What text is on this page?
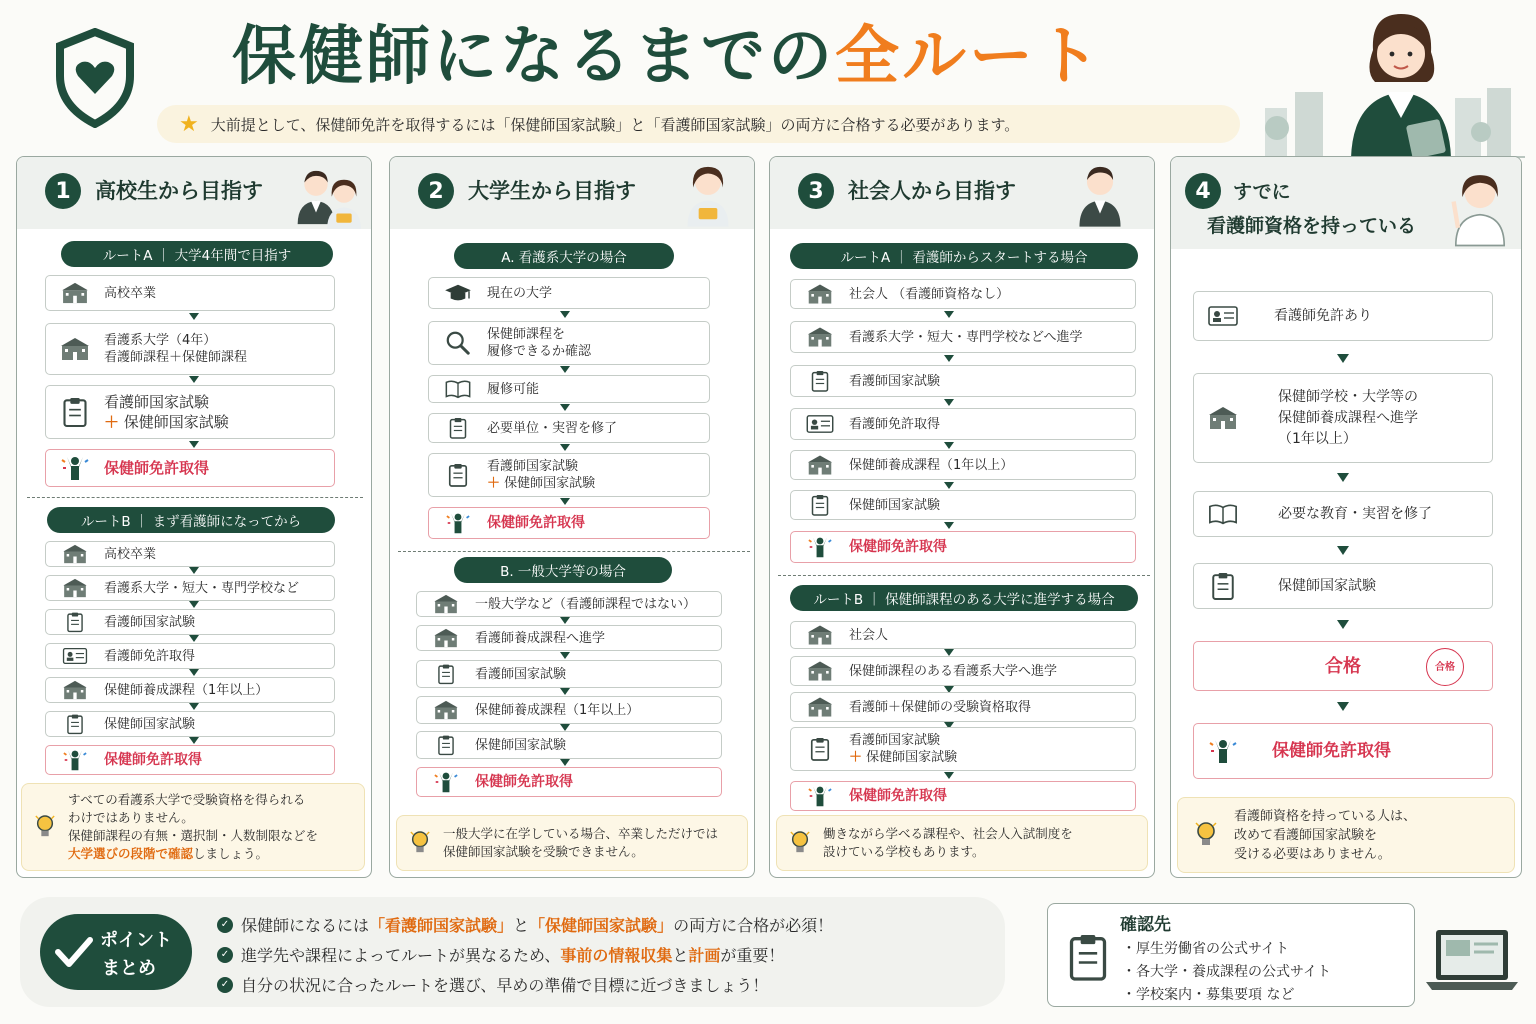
保健師になるまでの全ルート
★ 大前提として、保健師免許を取得するには「保健師国家試験」と「看護師国家試験」の両方に合格する必要があります。
1	高校生から目指す
ルートA ｜ 大学4年間で目指す
高校卒業
看護系大学（4年）
看護師課程＋保健師課程
看護師国家試験
＋ 保健師国家試験
保健師免許取得
ルートB ｜ まず看護師になってから
高校卒業
看護系大学・短大・専門学校など
看護師国家試験
看護師免許取得
保健師養成課程（1年以上）
保健師国家試験
保健師免許取得
すべての看護系大学で受験資格を得られる
わけではありません。
保健師課程の有無・選択制・人数制限などを
大学選びの段階で確認しましょう。
2	大学生から目指す
A. 看護系大学の場合
現在の大学
保健師課程を
履修できるか確認
履修可能
必要単位・実習を修了
看護師国家試験
＋ 保健師国家試験
保健師免許取得
B. 一般大学等の場合
一般大学など（看護師課程ではない）
看護師養成課程へ進学
看護師国家試験
保健師養成課程（1年以上）
保健師国家試験
保健師免許取得
一般大学に在学している場合、卒業しただけでは
保健師国家試験を受験できません。
3	社会人から目指す
ルートA ｜ 看護師からスタートする場合
社会人 （看護師資格なし）
看護系大学・短大・専門学校などへ進学
看護師国家試験
看護師免許取得
保健師養成課程（1年以上）
保健師国家試験
保健師免許取得
ルートB ｜ 保健師課程のある大学に進学する場合
社会人
保健師課程のある看護系大学へ進学
看護師＋保健師の受験資格取得
看護師国家試験
＋ 保健師国家試験
保健師免許取得
働きながら学べる課程や、社会人入試制度を
設けている学校もあります。
4	すでに
看護師資格を持っている
看護師免許あり
保健師学校・大学等の
保健師養成課程へ進学
（1年以上）
必要な教育・実習を修了
保健師国家試験
合格	合格
保健師免許取得
看護師資格を持っている人は、
改めて看護師国家試験を
受ける必要はありません。
ポイント
まとめ
✓ 保健師になるには 「看護師国家試験」 と 「保健師国家試験」 の両方に合格が必須！
✓ 進学先や課程によってルートが異なるため、 事前の情報収集 と 計画 が重要！
✓ 自分の状況に合ったルートを選び、早めの準備で目標に近づきましょう！
確認先
・厚生労働省の公式サイト
・各大学・養成課程の公式サイト
・学校案内・募集要項 など
